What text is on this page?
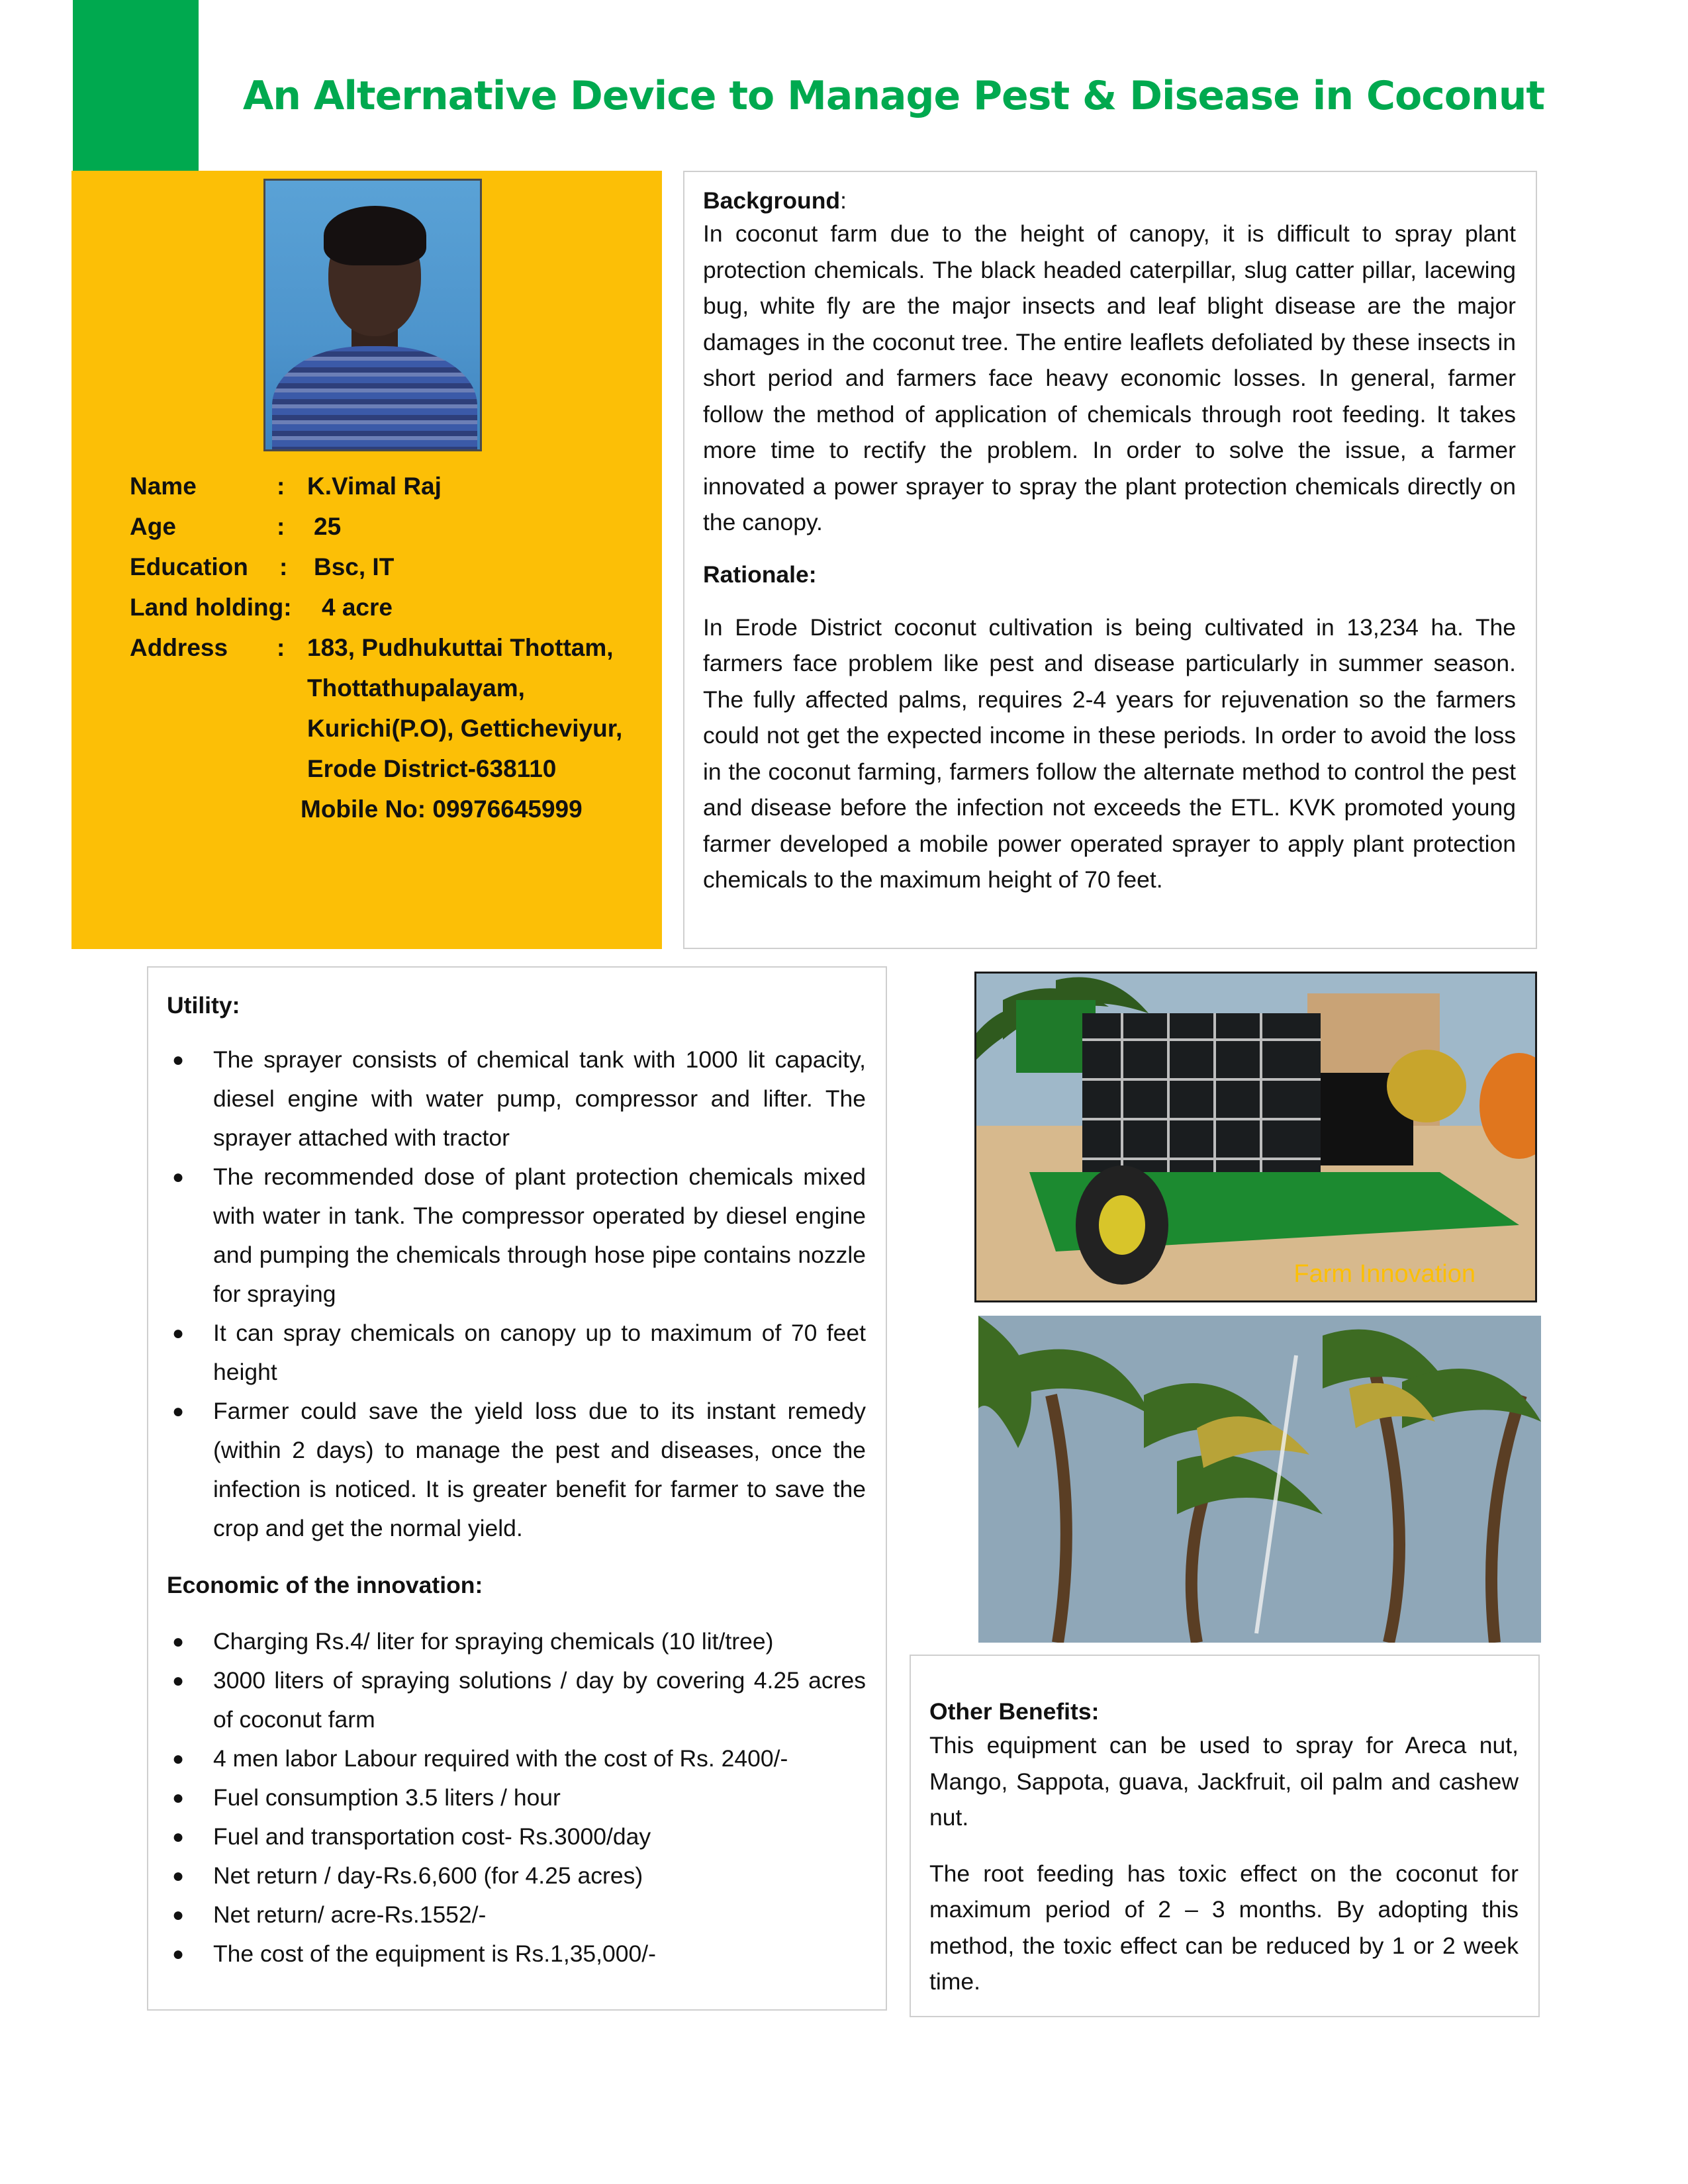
An Alternative Device to Manage Pest & Disease in Coconut
Name	: K.Vimal Raj
Age	: 25
Education : Bsc, IT
Land holding: 4 acre
Address : 183, Pudhukuttai Thottam,
Thottathupalayam,
Kurichi(P.O), Getticheviyur,
Erode District-638110
Mobile No: 09976645999

Background:

In coconut farm due to the height of canopy, it is difficult to spray plant protection chemicals. The black headed caterpillar, slug catter pillar, lacewing bug, white fly are the major insects and leaf blight disease are the major damages in the coconut tree. The entire leaflets defoliated by these insects in short period and farmers face heavy economic losses. In general, farmer follow the method of application of chemicals through root feeding. It takes more time to rectify the problem. In order to solve the issue, a farmer innovated a power sprayer to spray the plant protection chemicals directly on the canopy.

Rationale:

In Erode District coconut cultivation is being cultivated in 13,234 ha. The farmers face problem like pest and disease particularly in summer season. The fully affected palms, requires 2-4 years for rejuvenation so the farmers could not get the expected income in these periods. In order to avoid the loss in the coconut farming, farmers follow the alternate method to control the pest and disease before the infection not exceeds the ETL. KVK promoted young farmer developed a mobile power operated sprayer to apply plant protection chemicals to the maximum height of 70 feet.

Utility:

● The sprayer consists of chemical tank with 1000 lit capacity, diesel engine with water pump, compressor and lifter. The sprayer attached with tractor
● The recommended dose of plant protection chemicals mixed with water in tank. The compressor operated by diesel engine and pumping the chemicals through hose pipe contains nozzle for spraying
● It can spray chemicals on canopy up to maximum of 70 feet height
● Farmer could save the yield loss due to its instant remedy (within 2 days) to manage the pest and diseases, once the infection is noticed. It is greater benefit for farmer to save the crop and get the normal yield.

Economic of the innovation:

● Charging Rs.4/ liter for spraying chemicals (10 lit/tree)
● 3000 liters of spraying solutions / day by covering 4.25 acres of coconut farm
● 4 men labor Labour required with the cost of Rs. 2400/-
● Fuel consumption 3.5 liters / hour
● Fuel and transportation cost- Rs.3000/day
● Net return / day-Rs.6,600 (for 4.25 acres)
● Net return/ acre-Rs.1552/-
● The cost of the equipment is Rs.1,35,000/-
Farm Innovation

Other Benefits:

This equipment can be used to spray for Areca nut, Mango, Sappota, guava, Jackfruit, oil palm and cashew nut.

The root feeding has toxic effect on the coconut for maximum period of 2 – 3 months. By adopting this method, the toxic effect can be reduced by 1 or 2 week time.
